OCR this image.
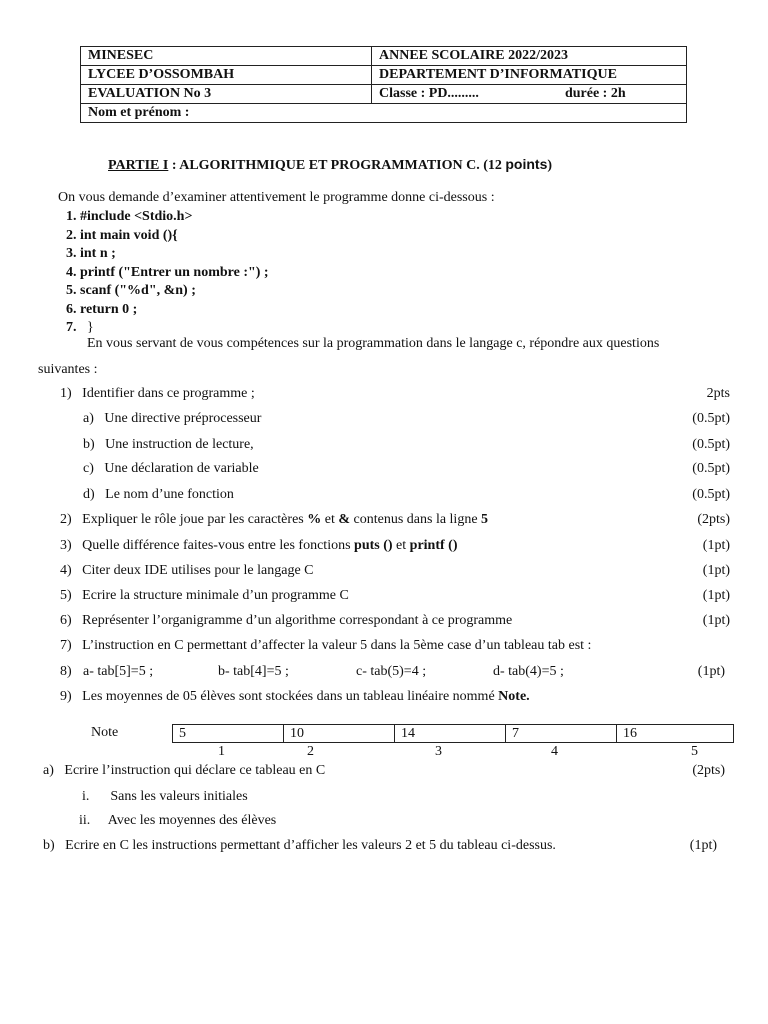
MINESEC	ANNEE SCOLAIRE 2022/2023
LYCEE D’OSSOMBAH	DEPARTEMENT D’INFORMATIQUE
EVALUATION No 3	Classe : PD......... durée : 2h

Nom et prénom :	
PARTIE I : ALGORITHMIQUE ET PROGRAMMATION C. (12 points)
On vous demande d’examiner attentivement le programme donne ci-dessous :
1. #include <Stdio.h>
2. int main void (){
3. int n ;
4. printf ("Entrer un nombre :") ;
5. scanf ("%d", &n) ;
6. return 0 ;
7. }
En vous servant de vous compétences sur la programmation dans le langage c, répondre aux questions
suivantes :
1) Identifier dans ce programme ;	2pts
a) Une directive préprocesseur	(0.5pt)
b) Une instruction de lecture,	(0.5pt)
c) Une déclaration de variable	(0.5pt)
d) Le nom d’une fonction	(0.5pt)
2) Expliquer le rôle joue par les caractères % et & contenus dans la ligne 5	(2pts)
3) Quelle différence faites-vous entre les fonctions puts () et printf ()	(1pt)
4) Citer deux IDE utilises pour le langage C	(1pt)
5) Ecrire la structure minimale d’un programme C	(1pt)
6) Représenter l’organigramme d’un algorithme correspondant à ce programme	(1pt)
7) L’instruction en C permettant d’affecter la valeur 5 dans la 5ème case d’un tableau tab est :
8) a- tab[5]=5 ;	b- tab[4]=5 ;	c- tab(5)=4 ;	d- tab(4)=5 ;	(1pt)
9) Les moyennes de 05 élèves sont stockées dans un tableau linéaire nommé Note.
Note	5	10	14	7	16
1	2	3	4	5
a) Ecrire l’instruction qui déclare ce tableau en C	(2pts)
i. Sans les valeurs initiales
ii. Avec les moyennes des élèves
b) Ecrire en C les instructions permettant d’afficher les valeurs 2 et 5 du tableau ci-dessus.	(1pt)
